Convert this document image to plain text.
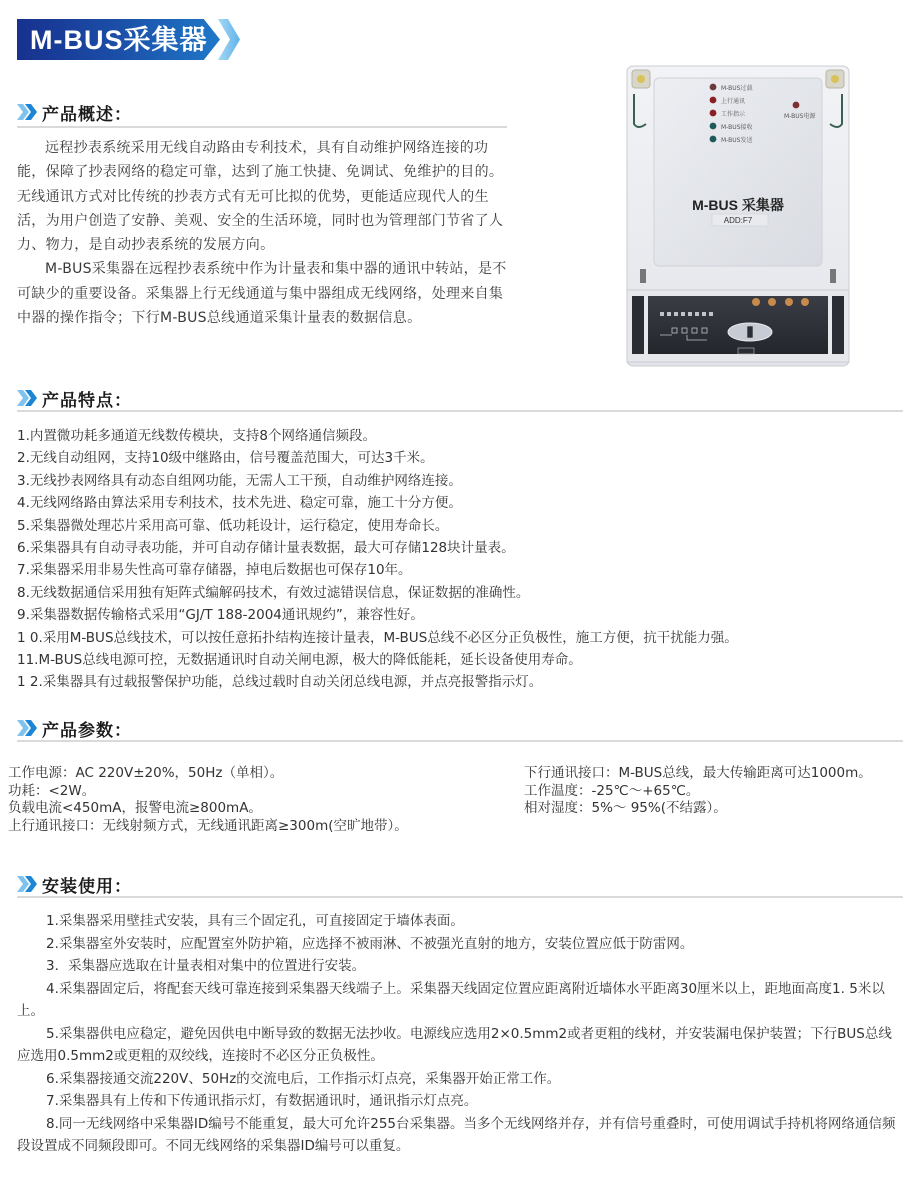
M-BUS采集器
产品概述：

远程抄表系统采用无线自动路由专利技术，具有自动维护网络连接的功能，保障了抄表网络的稳定可靠，达到了施工快捷、免调试、免维护的目的。无线通讯方式对比传统的抄表方式有无可比拟的优势，更能适应现代人的生活，为用户创造了安静、美观、安全的生活环境，同时也为管理部门节省了人力、物力，是自动抄表系统的发展方向。

M-BUS采集器在远程抄表系统中作为计量表和集中器的通讯中转站，是不可缺少的重要设备。采集器上行无线通道与集中器组成无线网络，处理来自集中器的操作指令；下行M-BUS总线通道采集计量表的数据信息。

M-BUS过载
上行通讯
工作指示
M-BUS接收
M-BUS发送
M-BUS电源
M-BUS 采集器
ADD:F7
产品特点：
1.内置微功耗多通道无线数传模块，支持8个网络通信频段。
2.无线自动组网，支持10级中继路由，信号覆盖范围大，可达3千米。
3.无线抄表网络具有动态自组网功能，无需人工干预，自动维护网络连接。
4.无线网络路由算法采用专利技术，技术先进、稳定可靠，施工十分方便。
5.采集器微处理芯片采用高可靠、低功耗设计，运行稳定，使用寿命长。
6.采集器具有自动寻表功能，并可自动存储计量表数据，最大可存储128块计量表。
7.采集器采用非易失性高可靠存储器，掉电后数据也可保存10年。
8.无线数据通信采用独有矩阵式编解码技术，有效过滤错误信息，保证数据的准确性。
9.采集器数据传输格式采用“GJ/T 188-2004通讯规约”，兼容性好。
1 0.采用M-BUS总线技术，可以按任意拓扑结构连接计量表，M-BUS总线不必区分正负极性，施工方便，抗干扰能力强。
11.M-BUS总线电源可控，无数据通讯时自动关闸电源，极大的降低能耗，延长设备使用寿命。
1 2.采集器具有过载报警保护功能，总线过载时自动关闭总线电源，并点亮报警指示灯。
产品参数：
工作电源：AC 220V±20%，50Hz（单相）。
功耗：<2W。
负载电流<450mA，报警电流≥800mA。
上行通讯接口：无线射频方式，无线通讯距离≥300m(空旷地带）。
下行通讯接口：M-BUS总线，最大传输距离可达1000m。
工作温度：-25℃～+65℃。
相对湿度：5%～ 95%(不结露）。
安装使用：

1.采集器采用壁挂式安装，具有三个固定孔，可直接固定于墙体表面。

2.采集器室外安装时，应配置室外防护箱，应选择不被雨淋、不被强光直射的地方，安装位置应低于防雷网。

3．采集器应选取在计量表相对集中的位置进行安装。

4.采集器固定后，将配套天线可靠连接到采集器天线端子上。采集器天线固定位置应距离附近墙体水平距离30厘米以上，距地面高度1. 5米以上。

5.采集器供电应稳定，避免因供电中断导致的数据无法抄收。电源线应选用2×0.5mm2或者更粗的线材，并安装漏电保护装置；下行BUS总线应选用0.5mm2或更粗的双绞线，连接时不必区分正负极性。

6.采集器接通交流220V、50Hz的交流电后，工作指示灯点亮，采集器开始正常工作。

7.采集器具有上传和下传通讯指示灯，有数据通讯时，通讯指示灯点亮。

8.同一无线网络中采集器ID编号不能重复，最大可允许255台采集器。当多个无线网络并存，并有信号重叠时，可使用调试手持机将网络通信频段设置成不同频段即可。不同无线网络的采集器ID编号可以重复。
